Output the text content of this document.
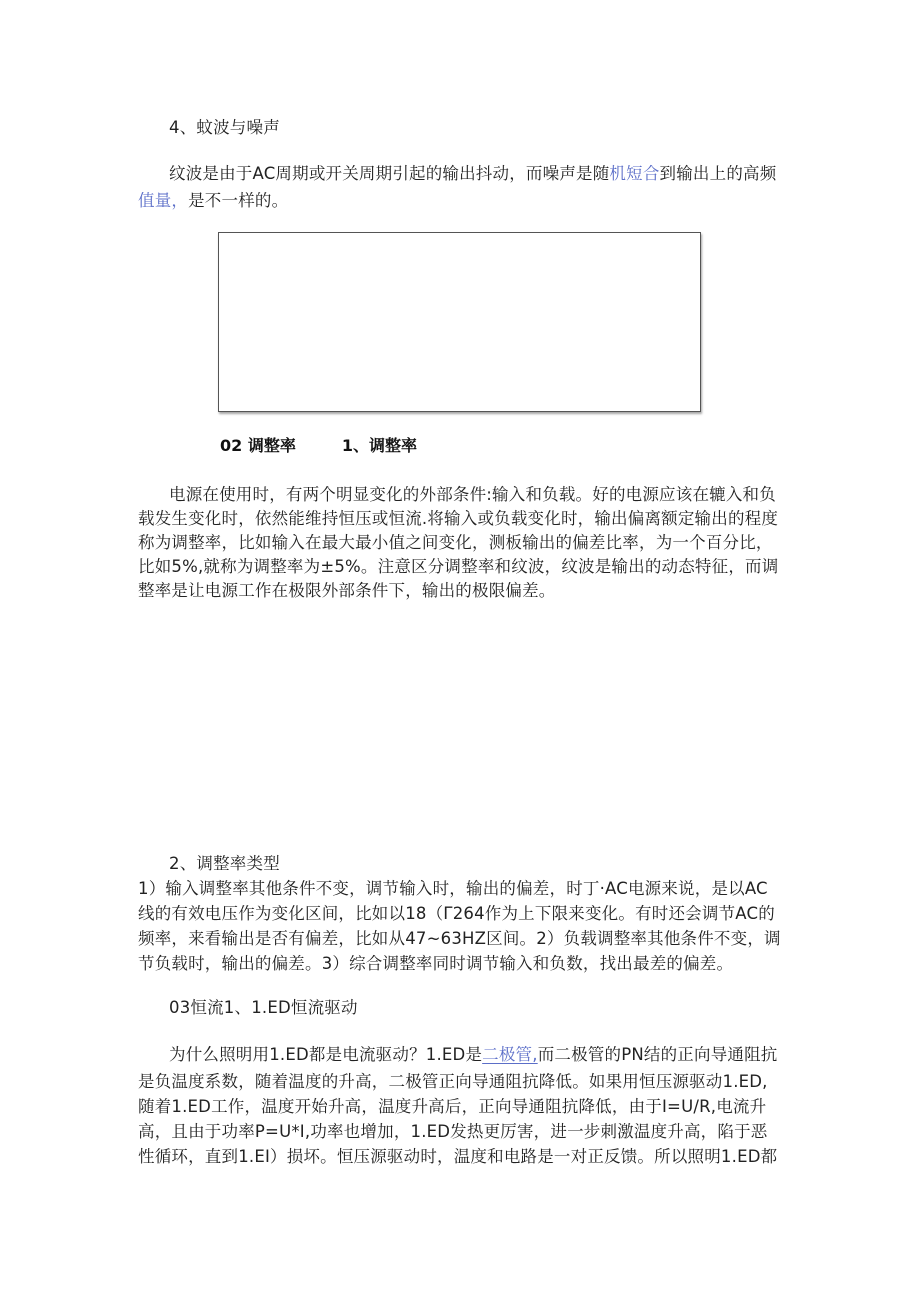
4、蚊波与噪声
纹波是由于AC周期或开关周期引起的输出抖动，而噪声是随机短合到输出上的高频
值量，是不一样的。
02 调整率	1、调整率
电源在使用时，有两个明显变化的外部条件:输入和负载。好的电源应该在辘入和负
载发生变化时，依然能维持恒压或恒流.将输入或负载变化时，输出偏离额定输出的程度
称为调整率，比如输入在最大最小值之间变化，测板输出的偏差比率，为一个百分比，
比如5%,就称为调整率为±5%。注意区分调整率和纹波，纹波是输出的动态特征，而调
整率是让电源工作在极限外部条件下，输出的极限偏差。
2、调整率类型
1）输入调整率其他条件不变，调节输入时，输出的偏差，时丁·AC电源来说，是以AC
线的有效电压作为变化区间，比如以18（Γ264作为上下限来变化。有时还会调节AC的
频率，来看输出是否有偏差，比如从47~63HZ区间。2）负载调整率其他条件不变，调
节负载时，输出的偏差。3）综合调整率同时调节输入和负数，找出最差的偏差。
03恒流1、1.ED恒流驱动
为什么照明用1.ED都是电流驱动？1.ED是二极管,而二极管的PN结的正向导通阻抗
是负温度系数，随着温度的升高，二极管正向导通阻抗降低。如果用恒压源驱动1.ED,
随着1.ED工作，温度开始升高，温度升高后，正向导通阻抗降低，由于I=U/R,电流升
高，且由于功率P=U*I,功率也增加，1.ED发热更厉害，进一步刺激温度升高，陷于恶
性循环，直到1.EI）损坏。恒压源驱动时，温度和电路是一对正反馈。所以照明1.ED都
